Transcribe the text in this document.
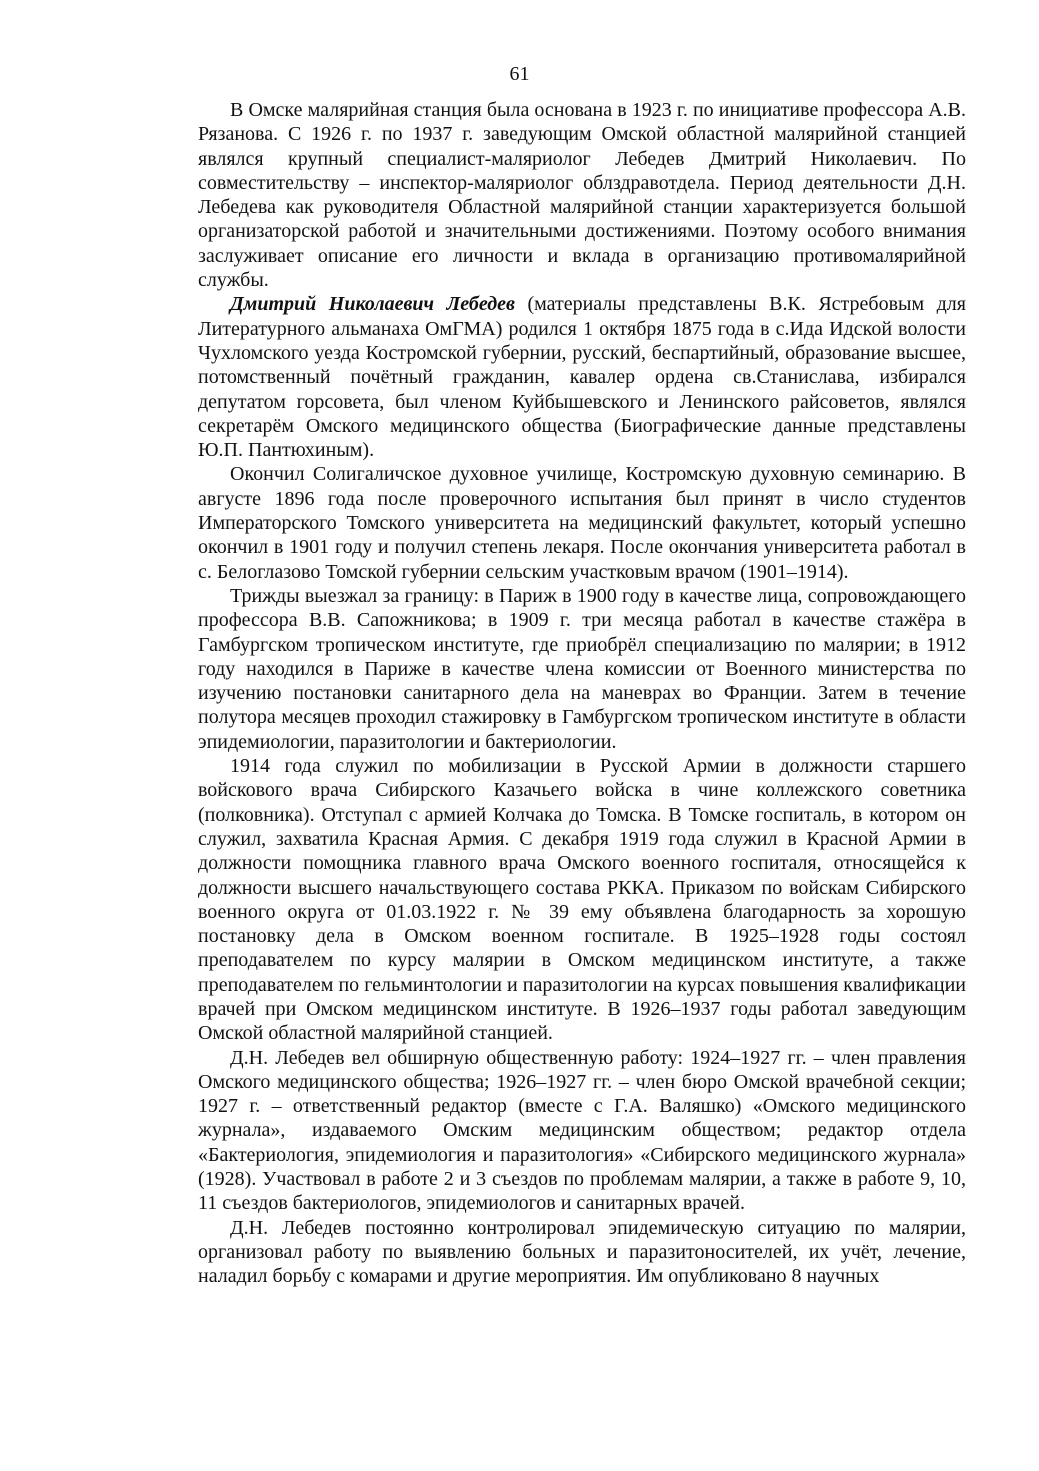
61

В Омске малярийная станция была основана в 1923 г. по инициативе профессора А.В. Рязанова. С 1926 г. по 1937 г. заведующим Омской областной малярийной станцией являлся крупный специалист-маляриолог Лебедев Дмитрий Николаевич. По совместительству – инспектор-маляриолог облздравотдела. Период деятельности Д.Н. Лебедева как руководителя Областной малярийной станции характеризуется большой организаторской работой и значительными достижениями. Поэтому особого внимания заслуживает описание его личности и вклада в организацию противомалярийной службы.

Дмитрий Николаевич Лебедев (материалы представлены В.К. Ястребовым для Литературного альманаха ОмГМА) родился 1 октября 1875 года в с.Ида Идской волости Чухломского уезда Костромской губернии, русский, беспартийный, образование высшее, потомственный почётный гражданин, кавалер ордена св.Станислава, избирался депутатом горсовета, был членом Куйбышевского и Ленинского райсоветов, являлся секретарём Омского медицинского общества (Биографические данные представлены Ю.П. Пантюхиным).

Окончил Солигаличское духовное училище, Костромскую духовную семинарию. В августе 1896 года после проверочного испытания был принят в число студентов Императорского Томского университета на медицинский факультет, который успешно окончил в 1901 году и получил степень лекаря. После окончания университета работал в с. Белоглазово Томской губернии сельским участковым врачом (1901–1914).

Трижды выезжал за границу: в Париж в 1900 году в качестве лица, сопровождающего профессора В.В. Сапожникова; в 1909 г. три месяца работал в качестве стажёра в Гамбургском тропическом институте, где приобрёл специализацию по малярии; в 1912 году находился в Париже в качестве члена комиссии от Военного министерства по изучению постановки санитарного дела на маневрах во Франции. Затем в течение полутора месяцев проходил стажировку в Гамбургском тропическом институте в области эпидемиологии, паразитологии и бактериологии.

1914 года служил по мобилизации в Русской Армии в должности старшего войскового врача Сибирского Казачьего войска в чине коллежского советника (полковника). Отступал с армией Колчака до Томска. В Томске госпиталь, в котором он служил, захватила Красная Армия. С декабря 1919 года служил в Красной Армии в должности помощника главного врача Омского военного госпиталя, относящейся к должности высшего начальствующего состава РККА. Приказом по войскам Сибирского военного округа от 01.03.1922 г. № 39 ему объявлена благодарность за хорошую постановку дела в Омском военном госпитале. В 1925–1928 годы состоял преподавателем по курсу малярии в Омском медицинском институте, а также преподавателем по гельминтологии и паразитологии на курсах повышения квалификации врачей при Омском медицинском институте. В 1926–1937 годы работал заведующим Омской областной малярийной станцией.

Д.Н. Лебедев вел обширную общественную работу: 1924–1927 гг. – член правления Омского медицинского общества; 1926–1927 гг. – член бюро Омской врачебной секции; 1927 г. – ответственный редактор (вместе с Г.А. Валяшко) «Омского медицинского журнала», издаваемого Омским медицинским обществом; редактор отдела «Бактериология, эпидемиология и паразитология» «Сибирского медицинского журнала» (1928). Участвовал в работе 2 и 3 съездов по проблемам малярии, а также в работе 9, 10, 11 съездов бактериологов, эпидемиологов и санитарных врачей.

Д.Н. Лебедев постоянно контролировал эпидемическую ситуацию по малярии, организовал работу по выявлению больных и паразитоносителей, их учёт, лечение, наладил борьбу с комарами и другие мероприятия. Им опубликовано 8 научных
